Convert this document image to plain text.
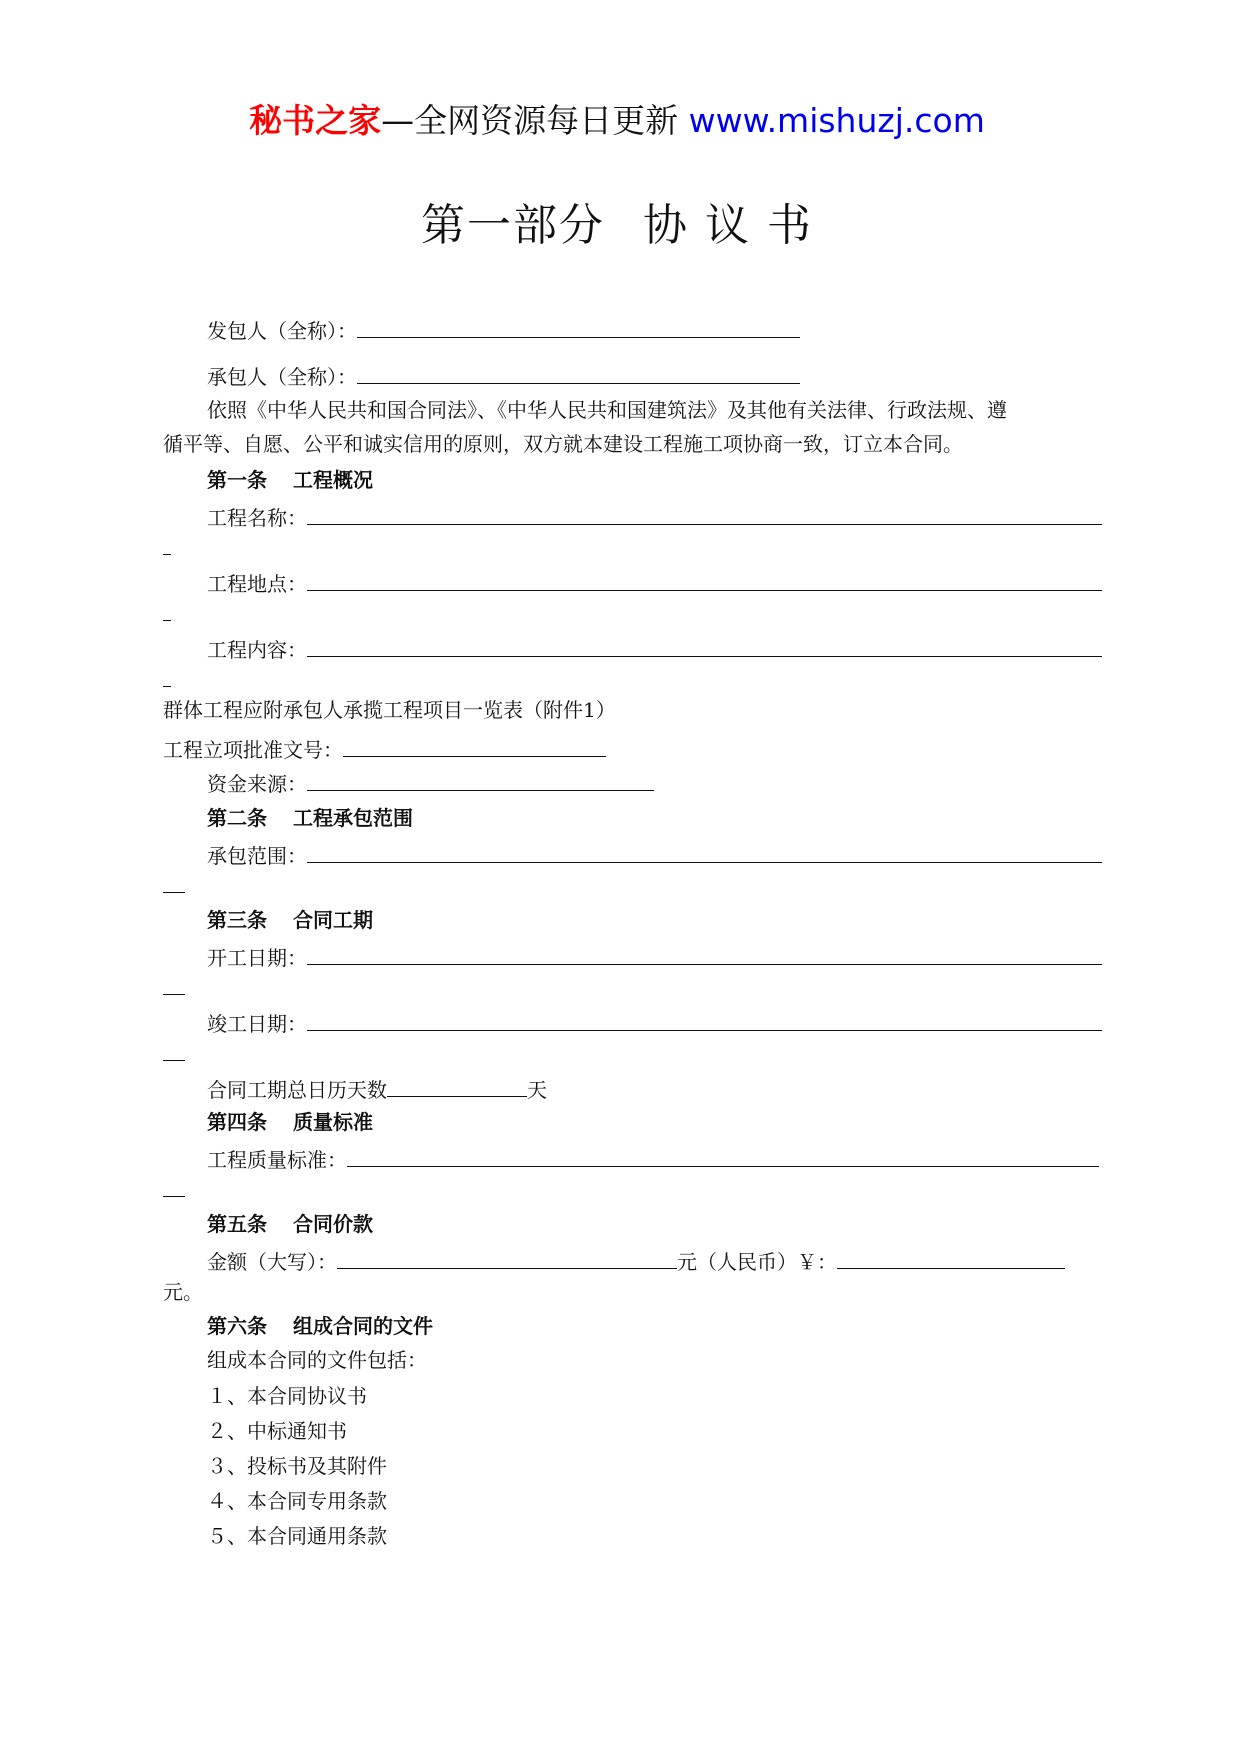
秘书之家—全网资源每日更新 www.mishuzj.com
第一部分 协 议 书
发包人（全称）：
承包人（全称）：
依照《中华人民共和国合同法》、《中华人民共和国建筑法》及其他有关法律、行政法规、遵
循平等、自愿、公平和诚实信用的原则，双方就本建设工程施工项协商一致，订立本合同。
第一条 工程概况
工程名称：
工程地点：
工程内容：
群体工程应附承包人承揽工程项目一览表（附件1）
工程立项批准文号：
资金来源：
第二条 工程承包范围
承包范围：
第三条 合同工期
开工日期：
竣工日期：
合同工期总日历天数	天
第四条 质量标准
工程质量标准：
第五条 合同价款
金额（大写）：	元（人民币）￥：
元。
第六条 组成合同的文件
组成本合同的文件包括：
１、本合同协议书
２、中标通知书
３、投标书及其附件
４、本合同专用条款
５、本合同通用条款
